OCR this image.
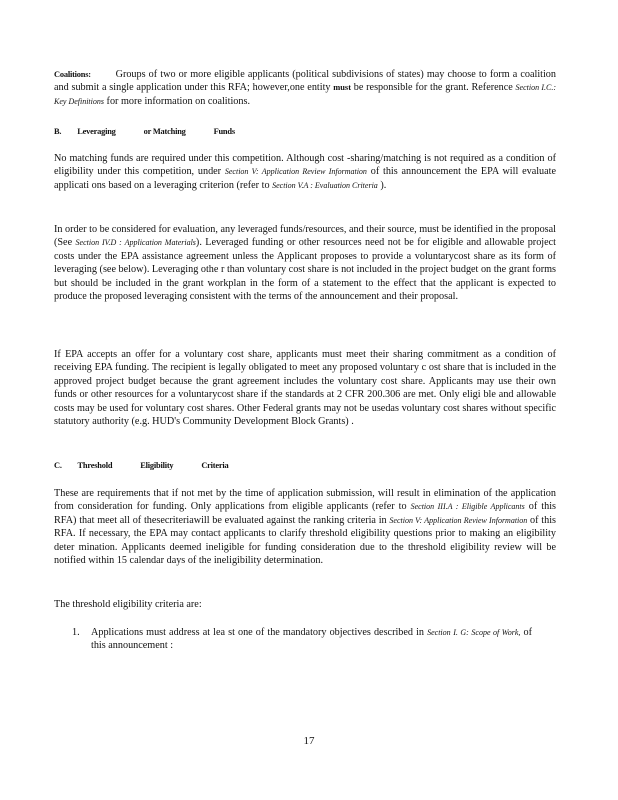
Coalitions: Groups of two or more eligible applicants (political subdivisions of states) may choose to form a coalition and submit a single application under this RFA; however,one entity must be responsible for the grant. Reference Section I.C.: Key Definitions for more information on coalitions.

B. Leveraging	or Matching	Funds

No matching funds are required under this competition. Although cost -sharing/matching is not required as a condition of eligibility under this competition, under Section V: Application Review Information of this announcement the EPA will evaluate applicati ons based on a leveraging criterion (refer to Section V.A : Evaluation Criteria ).

In order to be considered for evaluation, any leveraged funds/resources, and their source, must be identified in the proposal (See Section IV.D : Application Materials). Leveraged funding or other resources need not be for eligible and allowable project costs under the EPA assistance agreement unless the Applicant proposes to provide a voluntarycost share as its form of leveraging (see below). Leveraging othe r than voluntary cost share is not included in the project budget on the grant forms but should be included in the grant workplan in the form of a statement to the effect that the applicant is expected to produce the proposed leveraging consistent with the terms of the announcement and their proposal.

If EPA accepts an offer for a voluntary cost share, applicants must meet their sharing commitment as a condition of receiving EPA funding. The recipient is legally obligated to meet any proposed voluntary c ost share that is included in the approved project budget because the grant agreement includes the voluntary cost share. Applicants may use their own funds or other resources for a voluntarycost share if the standards at 2 CFR 200.306 are met. Only eligi ble and allowable costs may be used for voluntary cost shares. Other Federal grants may not be usedas voluntary cost shares without specific statutory authority (e.g. HUD's Community Development Block Grants) .

C. Threshold	Eligibility	Criteria

These are requirements that if not met by the time of application submission, will result in elimination of the application from consideration for funding. Only applications from eligible applicants (refer to Section III.A : Eligible Applicants of this RFA) that meet all of thesecriteriawill be evaluated against the ranking criteria in Section V: Application Review Information of this RFA. If necessary, the EPA may contact applicants to clarify threshold eligibility questions prior to making an eligibility deter mination. Applicants deemed ineligible for funding consideration due to the threshold eligibility review will be notified within 15 calendar days of the ineligibility determination.

The threshold eligibility criteria are:

1. Applications must address at lea st one of the mandatory objectives described in Section I. G: Scope of Work, of this announcement :

17
